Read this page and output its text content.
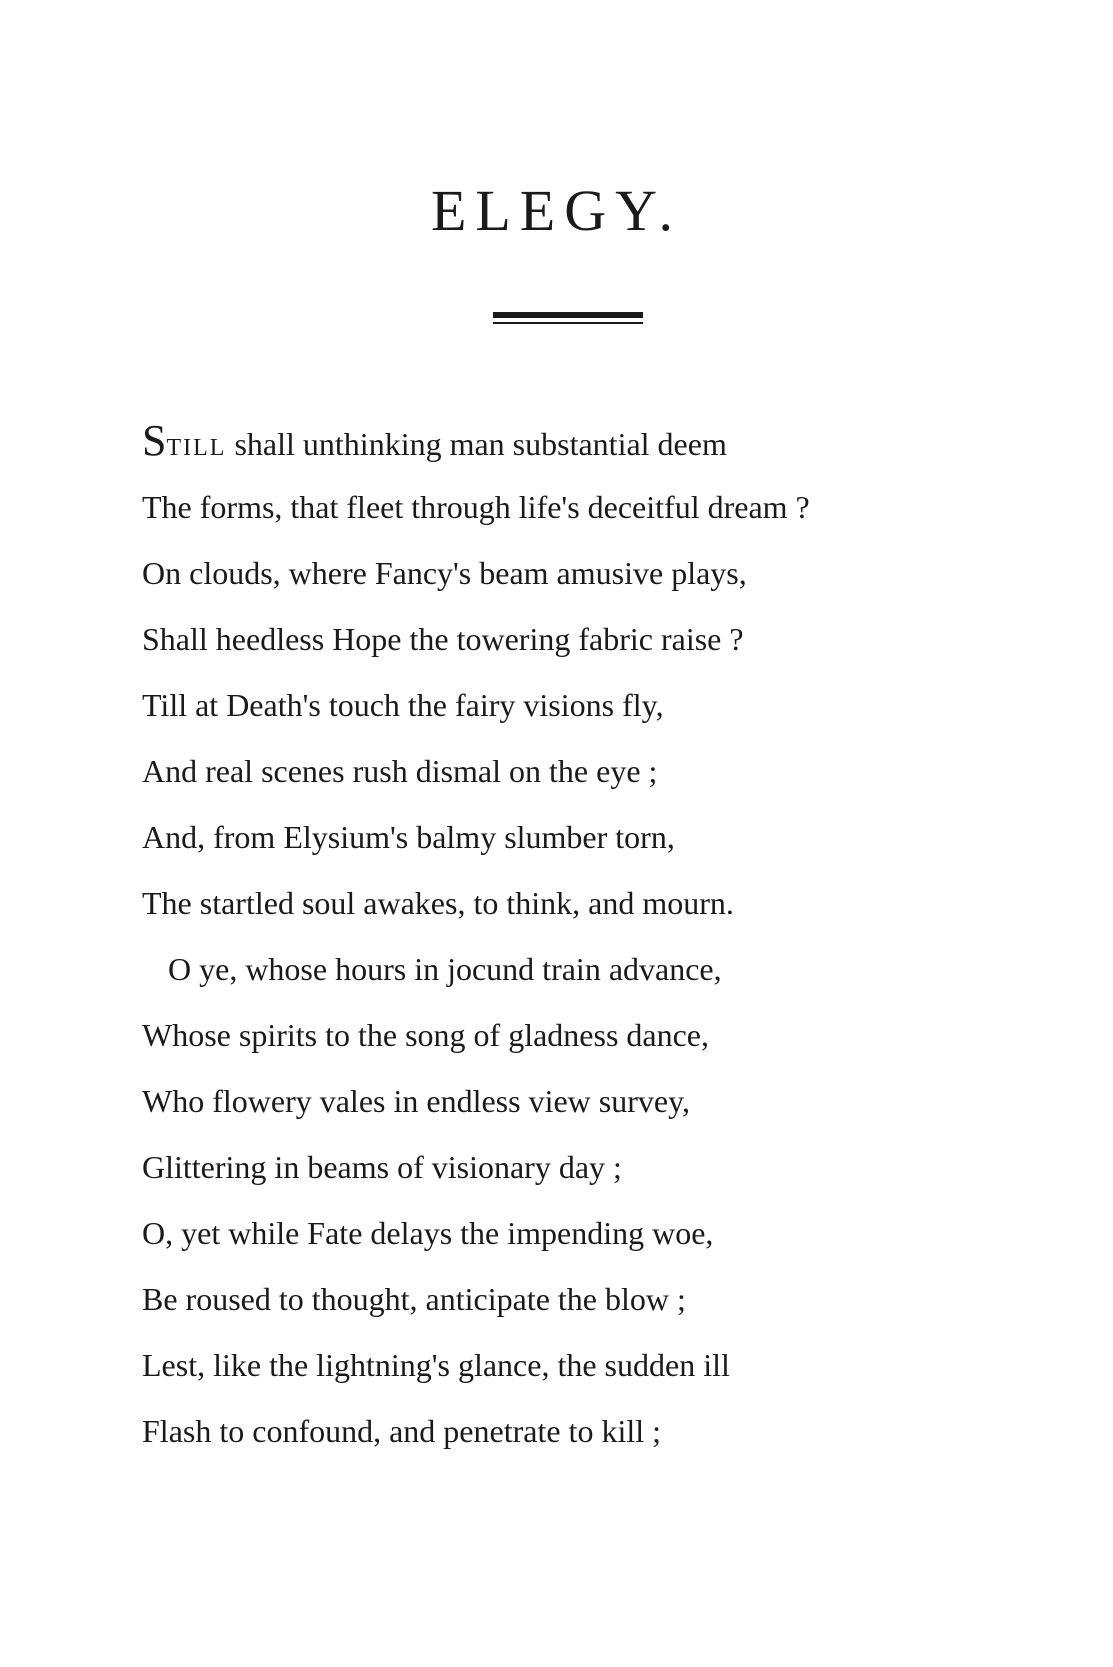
ELEGY.
STILL shall unthinking man substantial deem
The forms, that fleet through life's deceitful dream ?
On clouds, where Fancy's beam amusive plays,
Shall heedless Hope the towering fabric raise ?
Till at Death's touch the fairy visions fly,
And real scenes rush dismal on the eye ;
And, from Elysium's balmy slumber torn,
The startled soul awakes, to think, and mourn.
O ye, whose hours in jocund train advance,
Whose spirits to the song of gladness dance,
Who flowery vales in endless view survey,
Glittering in beams of visionary day ;
O, yet while Fate delays the impending woe,
Be roused to thought, anticipate the blow ;
Lest, like the lightning's glance, the sudden ill
Flash to confound, and penetrate to kill ;
